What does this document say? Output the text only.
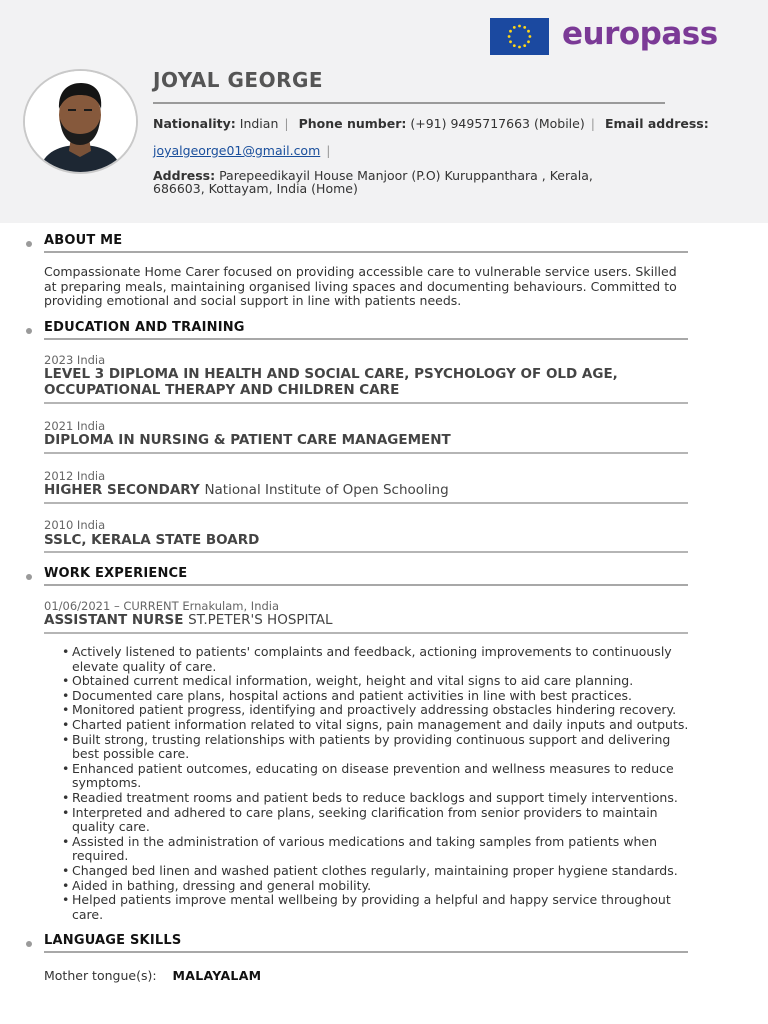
europass
JOYAL GEORGE
Nationality: Indian | Phone number: (+91) 9495717663 (Mobile) | Email address:
joyalgeorge01@gmail.com |
Address: Parepeedikayil House Manjoor (P.O) Kuruppanthara , Kerala, 686603, Kottayam, India (Home)
ABOUT ME
Compassionate Home Carer focused on providing accessible care to vulnerable service users. Skilled at preparing meals, maintaining organised living spaces and documenting behaviours. Committed to providing emotional and social support in line with patients needs.
EDUCATION AND TRAINING
2023 India
LEVEL 3 DIPLOMA IN HEALTH AND SOCIAL CARE, PSYCHOLOGY OF OLD AGE, OCCUPATIONAL THERAPY AND CHILDREN CARE
2021 India
DIPLOMA IN NURSING & PATIENT CARE MANAGEMENT
2012 India
HIGHER SECONDARY National Institute of Open Schooling
2010 India
SSLC, KERALA STATE BOARD
WORK EXPERIENCE
01/06/2021 – CURRENT Ernakulam, India
ASSISTANT NURSE ST.PETER'S HOSPITAL
• Actively listened to patients' complaints and feedback, actioning improvements to continuously elevate quality of care.
• Obtained current medical information, weight, height and vital signs to aid care planning.
• Documented care plans, hospital actions and patient activities in line with best practices.
• Monitored patient progress, identifying and proactively addressing obstacles hindering recovery.
• Charted patient information related to vital signs, pain management and daily inputs and outputs.
• Built strong, trusting relationships with patients by providing continuous support and delivering best possible care.
• Enhanced patient outcomes, educating on disease prevention and wellness measures to reduce symptoms.
• Readied treatment rooms and patient beds to reduce backlogs and support timely interventions.
• Interpreted and adhered to care plans, seeking clarification from senior providers to maintain quality care.
• Assisted in the administration of various medications and taking samples from patients when required.
• Changed bed linen and washed patient clothes regularly, maintaining proper hygiene standards.
• Aided in bathing, dressing and general mobility.
• Helped patients improve mental wellbeing by providing a helpful and happy service throughout care.
LANGUAGE SKILLS
Mother tongue(s): MALAYALAM
